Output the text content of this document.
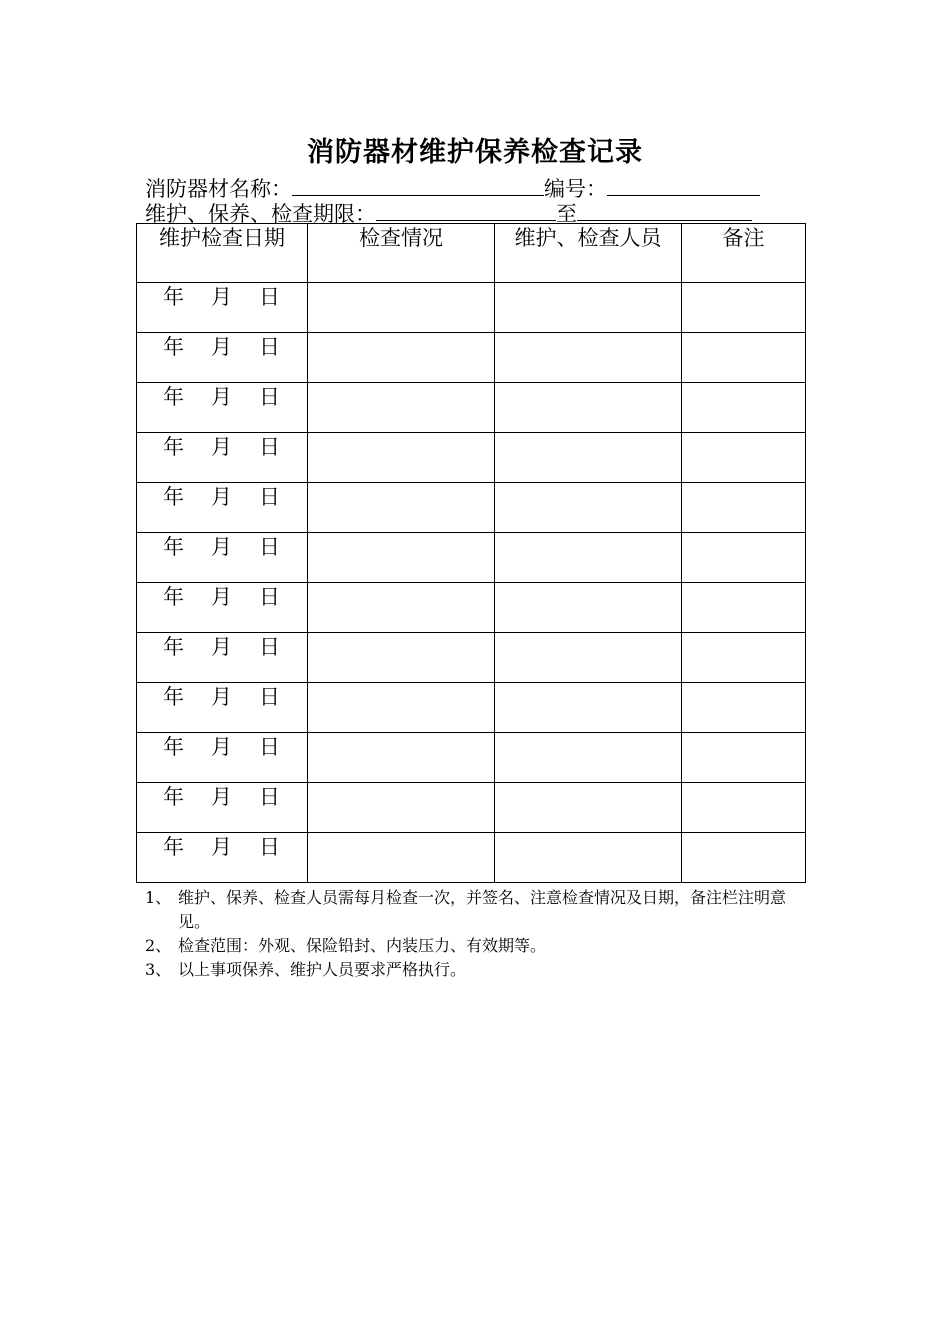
消防器材维护保养检查记录
消防器材名称：	编号：
维护、保养、检查期限：	至
维护检查日期	检查情况	维护、检查人员	备注
年 月 日			
年 月 日			
年 月 日			
年 月 日			
年 月 日			
年 月 日			
年 月 日			
年 月 日			
年 月 日			
年 月 日			
年 月 日			
年 月 日			
1、 维护、保养、检查人员需每月检查一次，并签名、注意检查情况及日期，备注栏注明意见。
2、 检查范围：外观、保险铅封、内装压力、有效期等。
3、 以上事项保养、维护人员要求严格执行。
